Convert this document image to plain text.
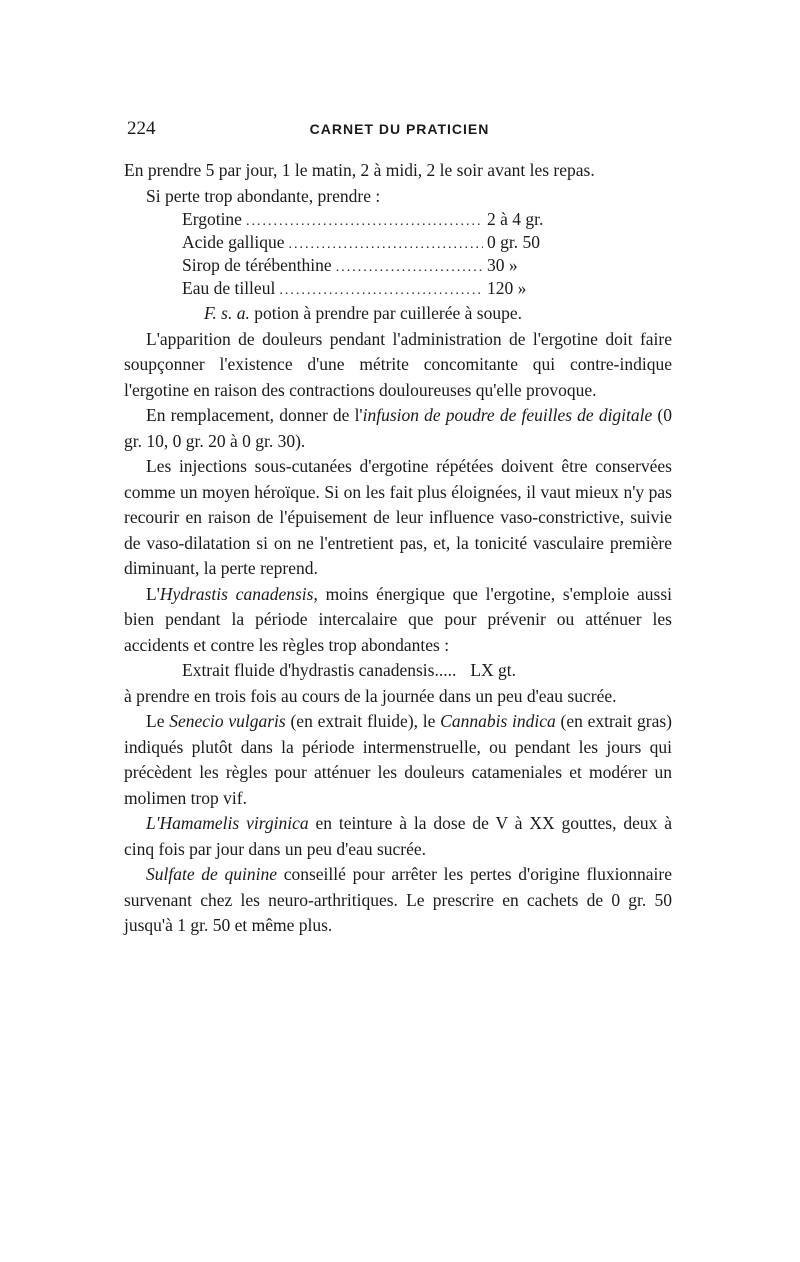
224	CARNET DU PRATICIEN

En prendre 5 par jour, 1 le matin, 2 à midi, 2 le soir avant les repas.

Si perte trop abondante, prendre :

Ergotine .....	2 à 4 gr.
Acide gallique .....	0 gr. 50
Sirop de térébenthine .....	30 »
Eau de tilleul .....	120 »

F. s. a. potion à prendre par cuillerée à soupe.

L'apparition de douleurs pendant l'administration de l'ergotine doit faire soupçonner l'existence d'une métrite concomitante qui contre-indique l'ergotine en raison des contractions douloureuses qu'elle provoque.

En remplacement, donner de l'infusion de poudre de feuilles de digitale (0 gr. 10, 0 gr. 20 à 0 gr. 30).

Les injections sous-cutanées d'ergotine répétées doivent être conservées comme un moyen héroïque. Si on les fait plus éloignées, il vaut mieux n'y pas recourir en raison de l'épuisement de leur influence vaso-constrictive, suivie de vaso-dilatation si on ne l'entretient pas, et, la tonicité vasculaire première diminuant, la perte reprend.

L'Hydrastis canadensis, moins énergique que l'ergotine, s'emploie aussi bien pendant la période intercalaire que pour prévenir ou atténuer les accidents et contre les règles trop abondantes :

Extrait fluide d'hydrastis canadensis..... LX gt.

à prendre en trois fois au cours de la journée dans un peu d'eau sucrée.

Le Senecio vulgaris (en extrait fluide), le Cannabis indica (en extrait gras) indiqués plutôt dans la période intermenstruelle, ou pendant les jours qui précèdent les règles pour atténuer les douleurs catameniales et modérer un molimen trop vif.

L'Hamamelis virginica en teinture à la dose de V à XX gouttes, deux à cinq fois par jour dans un peu d'eau sucrée.

Sulfate de quinine conseillé pour arrêter les pertes d'origine fluxionnaire survenant chez les neuro-arthritiques. Le prescrire en cachets de 0 gr. 50 jusqu'à 1 gr. 50 et même plus.
